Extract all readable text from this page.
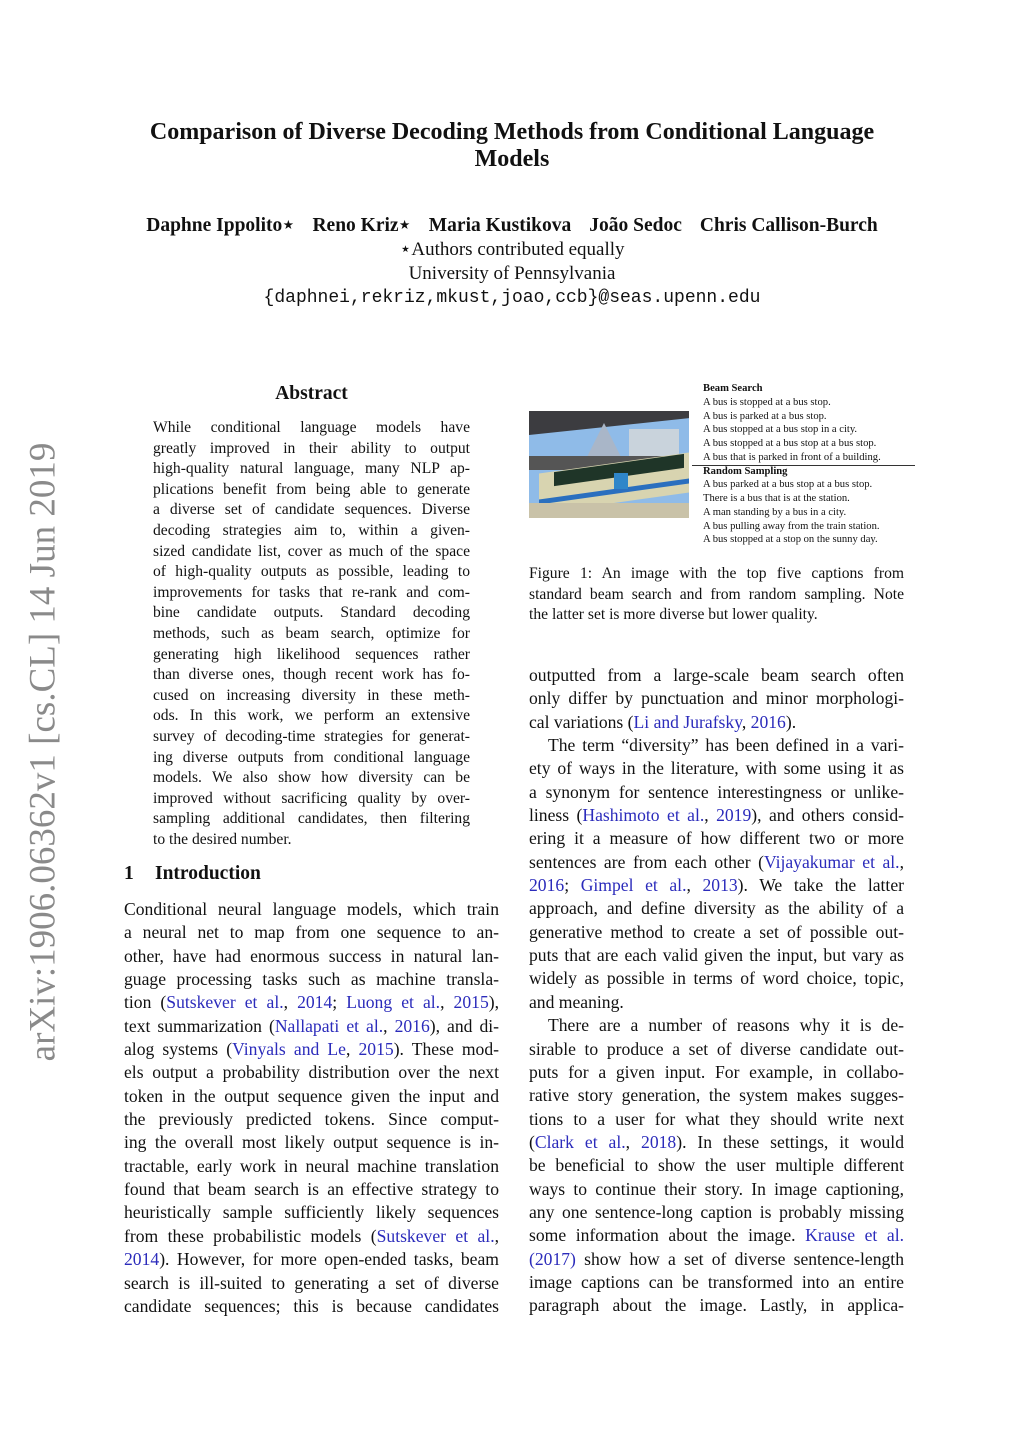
arXiv:1906.06362v1 [cs.CL] 14 Jun 2019
Comparison of Diverse Decoding Methods from Conditional Language
Models
Daphne Ippolito⋆ Reno Kriz⋆ Maria Kustikova João Sedoc Chris Callison-Burch
⋆Authors contributed equally
University of Pennsylvania
{daphnei,rekriz,mkust,joao,ccb}@seas.upenn.edu
Abstract
While conditional language models have
greatly improved in their ability to output
high-quality natural language, many NLP ap-
plications benefit from being able to generate
a diverse set of candidate sequences. Diverse
decoding strategies aim to, within a given-
sized candidate list, cover as much of the space
of high-quality outputs as possible, leading to
improvements for tasks that re-rank and com-
bine candidate outputs. Standard decoding
methods, such as beam search, optimize for
generating high likelihood sequences rather
than diverse ones, though recent work has fo-
cused on increasing diversity in these meth-
ods. In this work, we perform an extensive
survey of decoding-time strategies for generat-
ing diverse outputs from conditional language
models. We also show how diversity can be
improved without sacrificing quality by over-
sampling additional candidates, then filtering
to the desired number.
1 Introduction
Conditional neural language models, which train
a neural net to map from one sequence to an-
other, have had enormous success in natural lan-
guage processing tasks such as machine transla-
tion (Sutskever et al., 2014; Luong et al., 2015),
text summarization (Nallapati et al., 2016), and di-
alog systems (Vinyals and Le, 2015). These mod-
els output a probability distribution over the next
token in the output sequence given the input and
the previously predicted tokens. Since comput-
ing the overall most likely output sequence is in-
tractable, early work in neural machine translation
found that beam search is an effective strategy to
heuristically sample sufficiently likely sequences
from these probabilistic models (Sutskever et al.,
2014). However, for more open-ended tasks, beam
search is ill-suited to generating a set of diverse
candidate sequences; this is because candidates
Beam Search
A bus is stopped at a bus stop.
A bus is parked at a bus stop.
A bus stopped at a bus stop in a city.
A bus stopped at a bus stop at a bus stop.
A bus that is parked in front of a building.
Random Sampling
A bus parked at a bus stop at a bus stop.
There is a bus that is at the station.
A man standing by a bus in a city.
A bus pulling away from the train station.
A bus stopped at a stop on the sunny day.
Figure 1: An image with the top five captions from
standard beam search and from random sampling. Note
the latter set is more diverse but lower quality.
outputted from a large-scale beam search often
only differ by punctuation and minor morphologi-
cal variations (Li and Jurafsky, 2016).
The term “diversity” has been defined in a vari-
ety of ways in the literature, with some using it as
a synonym for sentence interestingness or unlike-
liness (Hashimoto et al., 2019), and others consid-
ering it a measure of how different two or more
sentences are from each other (Vijayakumar et al.,
2016; Gimpel et al., 2013). We take the latter
approach, and define diversity as the ability of a
generative method to create a set of possible out-
puts that are each valid given the input, but vary as
widely as possible in terms of word choice, topic,
and meaning.
There are a number of reasons why it is de-
sirable to produce a set of diverse candidate out-
puts for a given input. For example, in collabo-
rative story generation, the system makes sugges-
tions to a user for what they should write next
(Clark et al., 2018). In these settings, it would
be beneficial to show the user multiple different
ways to continue their story. In image captioning,
any one sentence-long caption is probably missing
some information about the image. Krause et al.
(2017) show how a set of diverse sentence-length
image captions can be transformed into an entire
paragraph about the image. Lastly, in applica-
